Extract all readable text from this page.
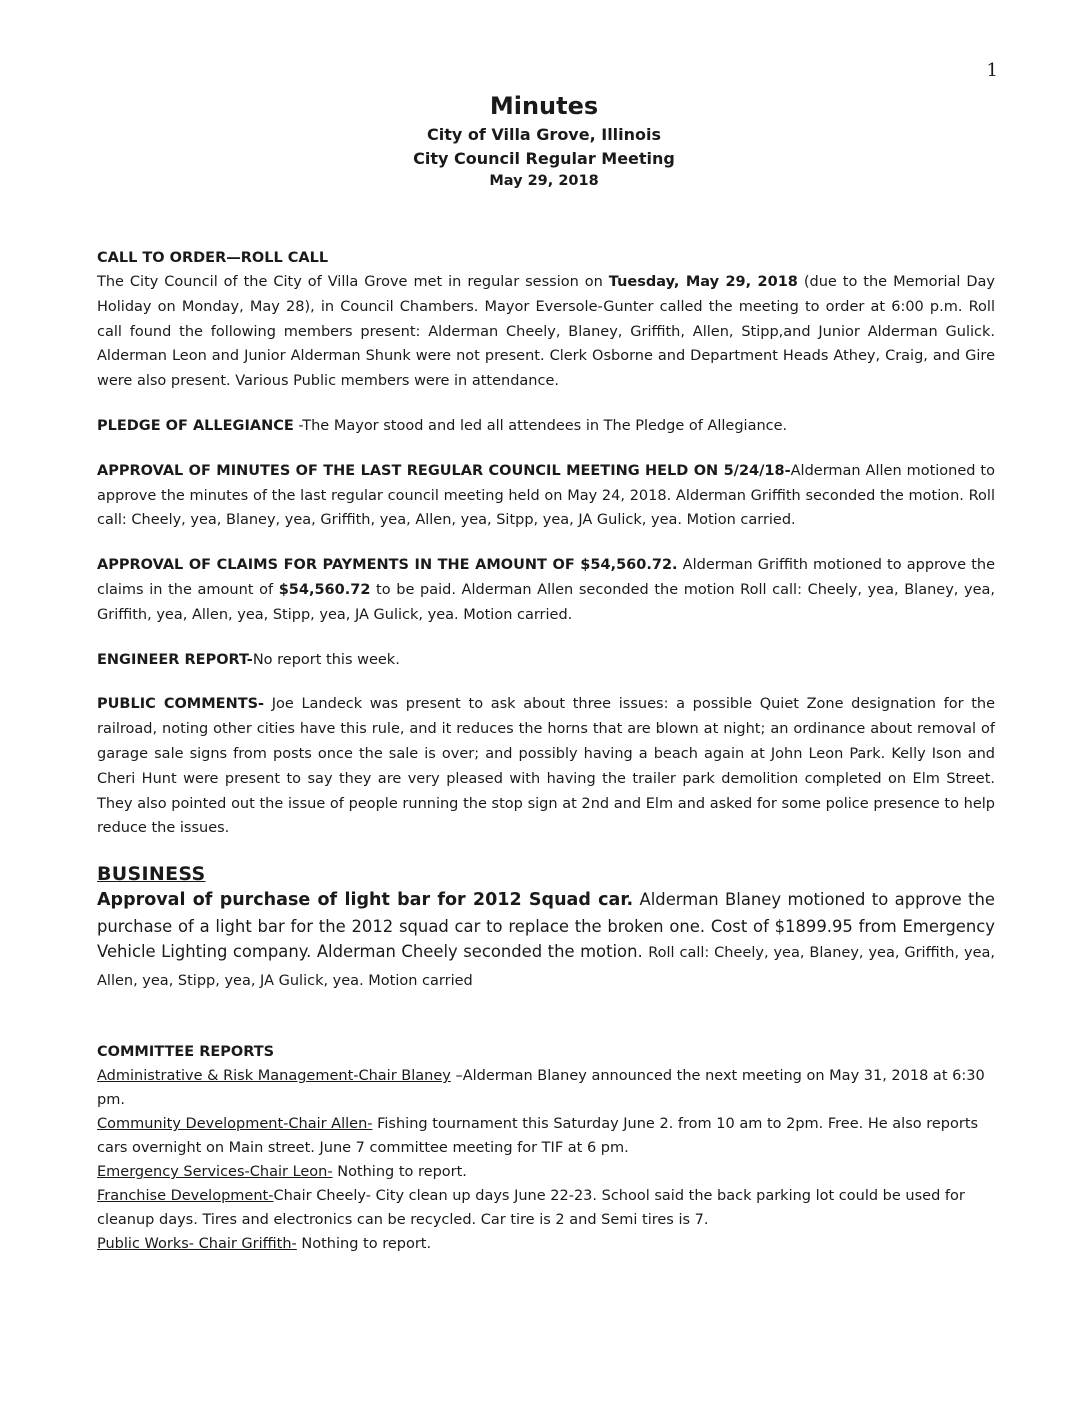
1

Minutes

City of Villa Grove, Illinois

City Council Regular Meeting

May 29, 2018

CALL TO ORDER—ROLL CALL

The City Council of the City of Villa Grove met in regular session on Tuesday, May 29, 2018 (due to the Memorial Day Holiday on Monday, May 28), in Council Chambers. Mayor Eversole-Gunter called the meeting to order at 6:00 p.m. Roll call found the following members present: Alderman Cheely, Blaney, Griffith, Allen, Stipp,and Junior Alderman Gulick. Alderman Leon and Junior Alderman Shunk were not present. Clerk Osborne and Department Heads Athey, Craig, and Gire were also present. Various Public members were in attendance.

PLEDGE OF ALLEGIANCE -The Mayor stood and led all attendees in The Pledge of Allegiance.

APPROVAL OF MINUTES OF THE LAST REGULAR COUNCIL MEETING HELD ON 5/24/18-Alderman Allen motioned to approve the minutes of the last regular council meeting held on May 24, 2018. Alderman Griffith seconded the motion. Roll call: Cheely, yea, Blaney, yea, Griffith, yea, Allen, yea, Sitpp, yea, JA Gulick, yea. Motion carried.

APPROVAL OF CLAIMS FOR PAYMENTS IN THE AMOUNT OF $54,560.72. Alderman Griffith motioned to approve the claims in the amount of $54,560.72 to be paid. Alderman Allen seconded the motion Roll call: Cheely, yea, Blaney, yea, Griffith, yea, Allen, yea, Stipp, yea, JA Gulick, yea. Motion carried.

ENGINEER REPORT-No report this week.

PUBLIC COMMENTS- Joe Landeck was present to ask about three issues: a possible Quiet Zone designation for the railroad, noting other cities have this rule, and it reduces the horns that are blown at night; an ordinance about removal of garage sale signs from posts once the sale is over; and possibly having a beach again at John Leon Park. Kelly Ison and Cheri Hunt were present to say they are very pleased with having the trailer park demolition completed on Elm Street. They also pointed out the issue of people running the stop sign at 2nd and Elm and asked for some police presence to help reduce the issues.

BUSINESS

Approval of purchase of light bar for 2012 Squad car. Alderman Blaney motioned to approve the purchase of a light bar for the 2012 squad car to replace the broken one. Cost of $1899.95 from Emergency Vehicle Lighting company. Alderman Cheely seconded the motion. Roll call: Cheely, yea, Blaney, yea, Griffith, yea, Allen, yea, Stipp, yea, JA Gulick, yea. Motion carried

COMMITTEE REPORTS

Administrative & Risk Management-Chair Blaney –Alderman Blaney announced the next meeting on May 31, 2018 at 6:30 pm.

Community Development-Chair Allen- Fishing tournament this Saturday June 2. from 10 am to 2pm. Free. He also reports cars overnight on Main street. June 7 committee meeting for TIF at 6 pm.

Emergency Services-Chair Leon- Nothing to report.

Franchise Development-Chair Cheely- City clean up days June 22-23. School said the back parking lot could be used for cleanup days. Tires and electronics can be recycled. Car tire is 2 and Semi tires is 7.

Public Works- Chair Griffith- Nothing to report.
